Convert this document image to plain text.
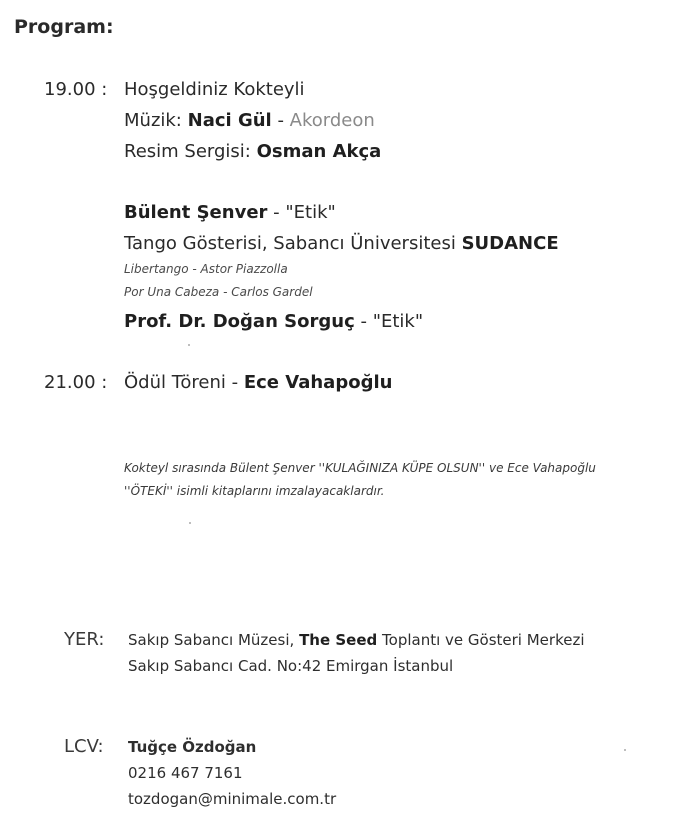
Program:
19.00 : Hoşgeldiniz Kokteyli
Müzik: Naci Gül - Akordeon
Resim Sergisi: Osman Akça
Bülent Şenver - "Etik"
Tango Gösterisi, Sabancı Üniversitesi SUDANCE
Libertango - Astor Piazzolla
Por Una Cabeza - Carlos Gardel
Prof. Dr. Doğan Sorguç - "Etik"
21.00 : Ödül Töreni - Ece Vahapoğlu
Kokteyl sırasında Bülent Şenver ''KULAĞINIZA KÜPE OLSUN'' ve Ece Vahapoğlu
''ÖTEKİ'' isimli kitaplarını imzalayacaklardır.
YER: Sakıp Sabancı Müzesi, The Seed Toplantı ve Gösteri Merkezi
Sakıp Sabancı Cad. No:42 Emirgan İstanbul
LCV: Tuğçe Özdoğan
0216 467 7161
tozdogan@minimale.com.tr
